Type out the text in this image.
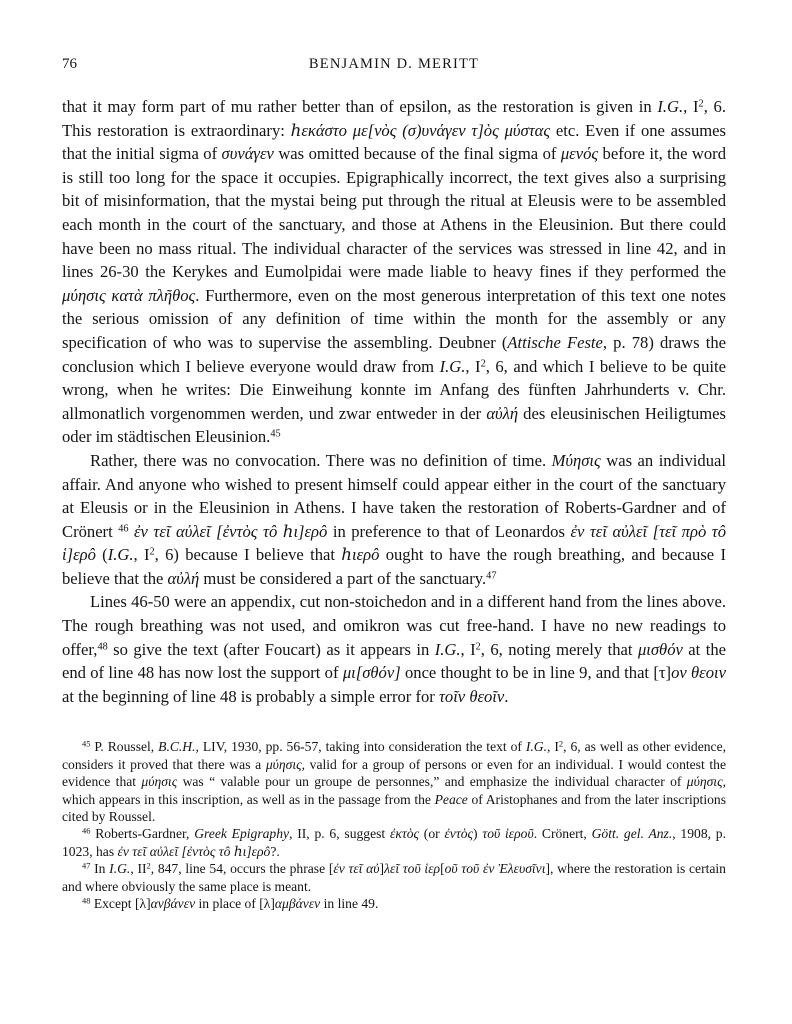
76	BENJAMIN D. MERITT

that it may form part of mu rather better than of epsilon, as the restoration is given in I.G., $I^2$, 6. This restoration is extraordinary: ℎεκάστο με[νὸς (σ)υνάγεν τ]ὸς μύστας etc. Even if one assumes that the initial sigma of συνάγεν was omitted because of the final sigma of μενός before it, the word is still too long for the space it occupies. Epigraphically incorrect, the text gives also a surprising bit of misinformation, that the mystai being put through the ritual at Eleusis were to be assembled each month in the court of the sanctuary, and those at Athens in the Eleusinion. But there could have been no mass ritual. The individual character of the services was stressed in line 42, and in lines 26-30 the Kerykes and Eumolpidai were made liable to heavy fines if they performed the μύησις κατὰ πλῆθος. Furthermore, even on the most generous interpretation of this text one notes the serious omission of any definition of time within the month for the assembly or any specification of who was to supervise the assembling. Deubner (Attische Feste, p. 78) draws the conclusion which I believe everyone would draw from I.G., $I^2$, 6, and which I believe to be quite wrong, when he writes: Die Einweihung konnte im Anfang des fünften Jahrhunderts v. Chr. allmonatlich vorgenommen werden, und zwar entweder in der αὐλή des eleusinischen Heiligtumes oder im städtischen Eleusinion.$^{45}$

Rather, there was no convocation. There was no definition of time. Μύησις was an individual affair. And anyone who wished to present himself could appear either in the court of the sanctuary at Eleusis or in the Eleusinion in Athens. I have taken the restoration of Roberts-Gardner and of Crönert $^{46}$ ἐν τεῖ αὐλεῖ [ἐντὸς τô ℎι]ερô in preference to that of Leonardos ἐν τεῖ αὐλεῖ [τεῖ πρὸ τô ἱ]ερô (I.G., $I^2$, 6) because I believe that ℎιερô ought to have the rough breathing, and because I believe that the αὐλή must be considered a part of the sanctuary.$^{47}$

Lines 46-50 were an appendix, cut non-stoichedon and in a different hand from the lines above. The rough breathing was not used, and omikron was cut free-hand. I have no new readings to offer,$^{48}$ so give the text (after Foucart) as it appears in I.G., $I^2$, 6, noting merely that μισθόν at the end of line 48 has now lost the support of μι[σθόν] once thought to be in line 9, and that [τ]ον θεοιν at the beginning of line 48 is probably a simple error for τοῖν θεοῖν.

$^{45}$ P. Roussel, B.C.H., LIV, 1930, pp. 56-57, taking into consideration the text of I.G., $I^2$, 6, as well as other evidence, considers it proved that there was a μύησις, valid for a group of persons or even for an individual. I would contest the evidence that μύησις was “ valable pour un groupe de personnes,” and emphasize the individual character of μύησις, which appears in this inscription, as well as in the passage from the Peace of Aristophanes and from the later inscriptions cited by Roussel.

$^{46}$ Roberts-Gardner, Greek Epigraphy, II, p. 6, suggest ἐκτὸς (or ἐντὸς) τοῦ ἱεροῦ. Crönert, Gött. gel. Anz., 1908, p. 1023, has ἐν τεῖ αὐλεῖ [ἐντὸς τô ℎι]ερô?.

$^{47}$ In I.G., $II^2$, 847, line 54, occurs the phrase [ἐν τεῖ αὐ]λεῖ τοῦ ἱερ[οῦ τοῦ ἐν Ἐλευσῖνι], where the restoration is certain and where obviously the same place is meant.

$^{48}$ Except [λ]ανβάνεν in place of [λ]αμβάνεν in line 49.
